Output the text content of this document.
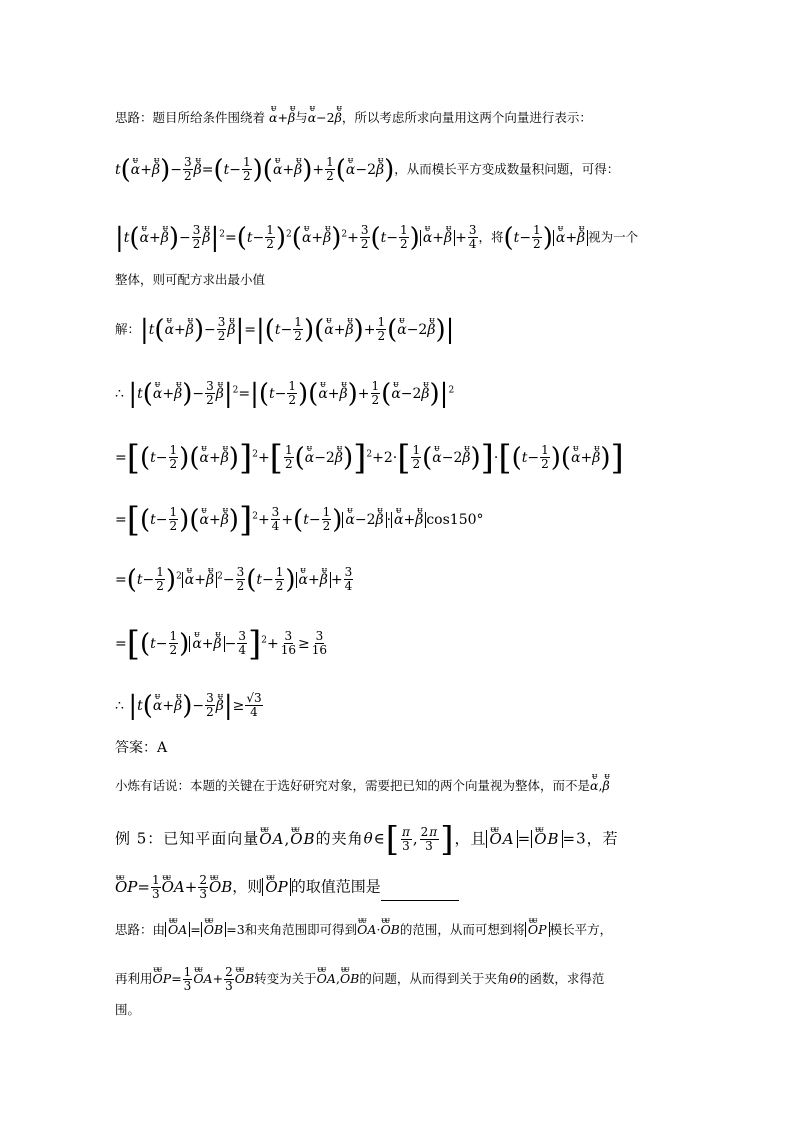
思路：题目所给条件围绕着 ᵾ α+ᵾ β与ᵾ α−2ᵾ β，所以考虑所求向量用这两个向量进行表示：
t(ᵾ α+ᵾ $\beta)- \frac{3}{2}$
ᵾ $\beta=(t- \frac{1}{2}$ )(ᵾ α+ᵾ $\beta)+ \frac{1}{2}$ (ᵾ α−2ᵾ β)，从而模长平方变成数量积问题，可得：
|t(ᵾ α+ᵾ $\beta)- \frac{3}{2}$
ᵾ $\beta|^2=(t- \frac{1}{2}$ )$^2(ᵾ$ α+ᵾ $\beta)^2+ \frac{3}{2} (t- \frac{1}{2}$ )ᵾ α+ᵾ $\beta + \frac{3}{4}$ ，将($t- \frac{1}{2}$ )ᵾ α+ᵾ β 视为一个
整体，则可配方求出最小值
解：|t(ᵾ α+ᵾ $\beta)- \frac{3}{2}$
ᵾ $\beta|=|(t- \frac{1}{2}$ )(ᵾ α+ᵾ $\beta)+ \frac{1}{2}$ (ᵾ α−2ᵾ β)|
∴ |t(ᵾ α+ᵾ $\beta)- \frac{3}{2}$
ᵾ $\beta|^2=|(t- \frac{1}{2}$ )(ᵾ α+ᵾ $\beta)+ \frac{1}{2}$ (ᵾ α−2ᵾ $\beta)|^2$
$=[(t- \frac{1}{2}$ )(ᵾ α+ᵾ $\beta)]^2+[ \frac{1}{2}$ (ᵾ α−2ᵾ $\beta)]^2+2\cdot[ \frac{1}{2}$ (ᵾ α−2ᵾ $\beta)]\cdot[(t- \frac{1}{2}$ )(ᵾ α+ᵾ β)]
$=[(t- \frac{1}{2}$ )(ᵾ α+ᵾ $\beta)]^2+ \frac{3}{4} +(t- \frac{1}{2}$ )ᵾ α−2ᵾ β ·ᵾ α+ᵾ β cos150°
$=(t- \frac{1}{2}$ )$^2ᵾ$ α+ᵾ β $^2- \frac{3}{2} (t- \frac{1}{2}$ )ᵾ α+ᵾ $\beta + \frac{3}{4}$
$=[(t- \frac{1}{2}$ )ᵾ α+ᵾ $\beta - \frac{3}{4} ]^2+ \frac{3}{16} \ge \frac{3}{16}$
∴ |t(ᵾ α+ᵾ $\beta)- \frac{3}{2}$
ᵾ $\beta|\ge \frac{√3}{4}$
答案：A
小炼有话说：本题的关键在于选好研究对象，需要把已知的两个向量视为整体，而不是ᵾ α,ᵾ β
例 5：已知平面向量ᵾᵾ OA,ᵾᵾ OB的夹角θ∈[ $\frac{\pi}{3}$ , $\frac{2\pi}{3}$ ]，且ᵾᵾ OA =ᵾᵾ OB =3，若
ᵾᵾ $OP= \frac{1}{3}$
ᵾᵾ $OA+ \frac{2}{3}$
ᵾᵾ OB，则ᵾᵾ OP 的取值范围是
思路：由ᵾᵾ OA =ᵾᵾ OB =3和夹角范围即可得到ᵾᵾ OA·ᵾᵾ OB的范围，从而可想到将ᵾᵾ OP 模长平方，
再利用ᵾᵾ $OP= \frac{1}{3}$
ᵾᵾ $OA+ \frac{2}{3}$
ᵾᵾ OB转变为关于ᵾᵾ OA,ᵾᵾ OB的问题，从而得到关于夹角θ的函数，求得范
围。
